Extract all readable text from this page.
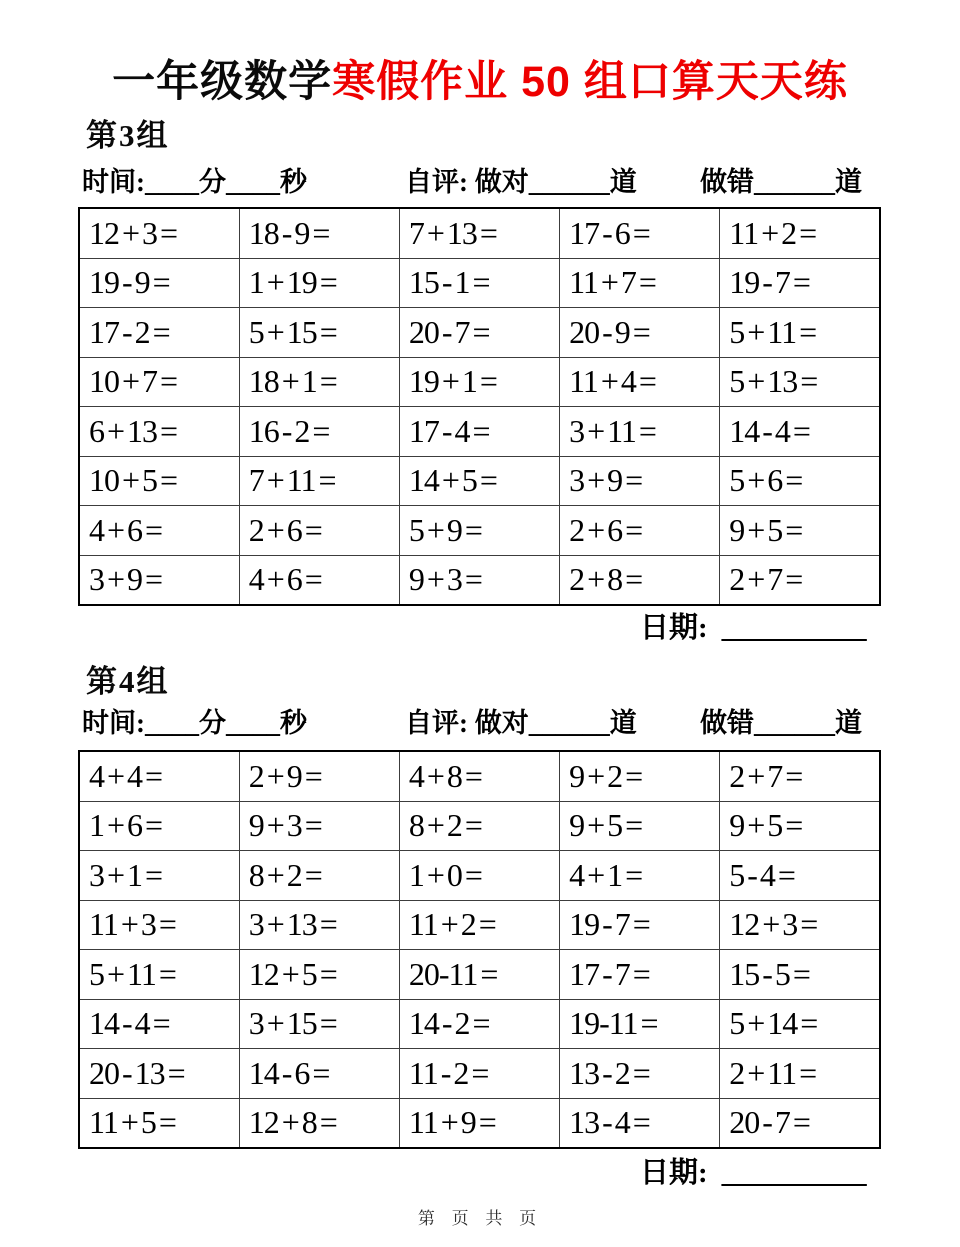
一年级数学寒假作业 50 组口算天天练
第3组
时间:____分____秒	自评: 做对______道 做错______道
12 + 3 =	18 - 9 =	7 + 13 =	17 - 6 =	11 + 2 =
19 - 9 =	1 + 19 =	15 - 1 =	11 + 7 =	19 - 7 =
17 - 2 =	5 + 15 =	20 - 7 =	20 - 9 =	5 + 11 =
10 + 7 =	18 + 1 =	19 + 1 =	11 + 4 =	5 + 13 =
6 + 13 =	16 - 2 =	17 - 4 =	3 + 11 =	14 - 4 =
10 + 5 =	7 + 11 =	14 + 5 =	3 + 9 =	5 + 6 =
4 + 6 =	2 + 6 =	5 + 9 =	2 + 6 =	9 + 5 =
3 + 9 =	4 + 6 =	9 + 3 =	2 + 8 =	2 + 7 =
日期: __________
第4组
时间:____分____秒	自评: 做对______道 做错______道
4 + 4 =	2 + 9 =	4 + 8 =	9 + 2 =	2 + 7 =
1 + 6 =	9 + 3 =	8 + 2 =	9 + 5 =	9 + 5 =
3 + 1 =	8 + 2 =	1 + 0 =	4 + 1 =	5 - 4 =
11 + 3 =	3 + 13 =	11 + 2 =	19 - 7 =	12 + 3 =
5 + 11 =	12 + 5 =	20-11 =	17 - 7 =	15 - 5 =
14 - 4 =	3 + 15 =	14 - 2 =	19-11 =	5 + 14 =
20 - 13 =	14 - 6 =	11 - 2 =	13 - 2 =	2 + 11 =
11 + 5 =	12 + 8 =	11 + 9 =	13 - 4 =	20 - 7 =
日期: __________
第 页 共 页
